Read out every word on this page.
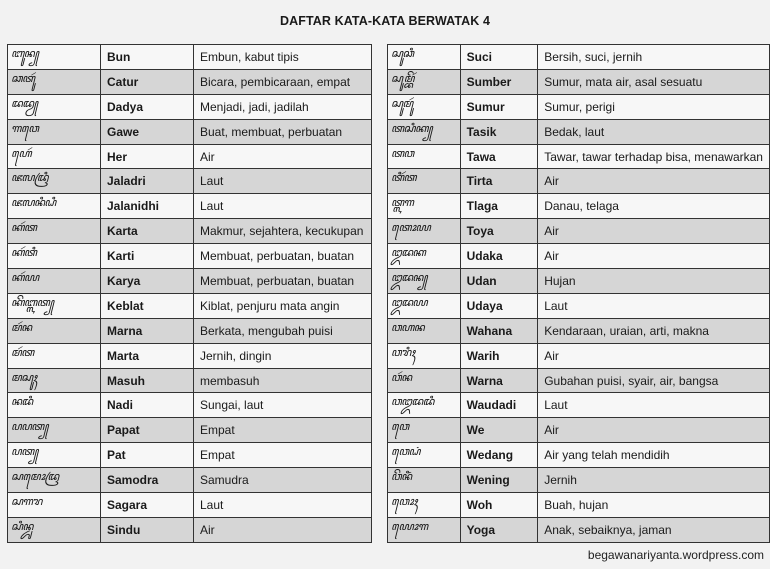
DAFTAR KATA-KATA BERWATAK 4
ꦧꦸꦤ꧀	Bun	Embun, kabut tipis
ꦕꦠꦸꦂ	Catur	Bicara, pembicaraan, empat
ꦢꦢꦾ	Dadya	Menjadi, jadi, jadilah
ꦒꦮꦺ	Gawe	Buat, membuat, perbuatan
ꦲꦺꦂ	Her	Air
ꦗꦭꦢꦿꦶ	Jaladri	Laut
ꦗꦭꦤꦶꦝꦶ	Jalanidhi	Laut
ꦏꦂꦠ	Karta	Makmur, sejahtera, kecukupan
ꦏꦂꦠꦶ	Karti	Membuat, perbuatan, buatan
ꦏꦂꦪ	Karya	Membuat, perbuatan, buatan
ꦏꦼꦧ꧀ꦭꦠ꧀	Keblat	Kiblat, penjuru mata angin
ꦩꦂꦤ	Marna	Berkata, mengubah puisi
ꦩꦂꦠ	Marta	Jernih, dingin
ꦩꦱꦸꦃ	Masuh	membasuh
ꦤꦢꦶ	Nadi	Sungai, laut
ꦥꦥꦠ꧀	Papat	Empat
ꦥꦠ꧀	Pat	Empat
ꦱꦩꦺꦴꦢꦿ	Samodra	Samudra
ꦱꦒꦫ	Sagara	Laut
ꦱꦶꦤ꧀ꦢꦸ	Sindu	Air
ꦱꦸꦕꦶ	Suci	Bersih, suci, jernih
ꦱꦸꦩ꧀ꦧꦼꦂ	Sumber	Sumur, mata air, asal sesuatu
ꦱꦸꦩꦸꦂ	Sumur	Sumur, perigi
ꦠꦱꦶꦏ꧀	Tasik	Bedak, laut
ꦠꦮ	Tawa	Tawar, tawar terhadap bisa, menawarkan
ꦠꦶꦂꦠ	Tirta	Air
ꦠ꧀ꦭꦒ	Tlaga	Danau, telaga
ꦠꦺꦴꦪ	Toya	Air
ꦈꦢꦏ	Udaka	Air
ꦈꦢꦤ꧀	Udan	Hujan
ꦈꦢꦪ	Udaya	Laut
ꦮꦲꦤ	Wahana	Kendaraan, uraian, arti, makna
ꦮꦫꦶꦃ	Warih	Air
ꦮꦂꦤ	Warna	Gubahan puisi, syair, air, bangsa
ꦮꦈꦢꦢꦶ	Waudadi	Laut
ꦮꦺ	We	Air
ꦮꦺꦝꦁ	Wedang	Air yang telah mendidih
ꦮꦼꦤꦶꦁ	Wening	Jernih
ꦮꦺꦴꦃ	Woh	Buah, hujan
ꦪꦺꦴꦒ	Yoga	Anak, sebaiknya, jaman
begawanariyanta.wordpress.com
